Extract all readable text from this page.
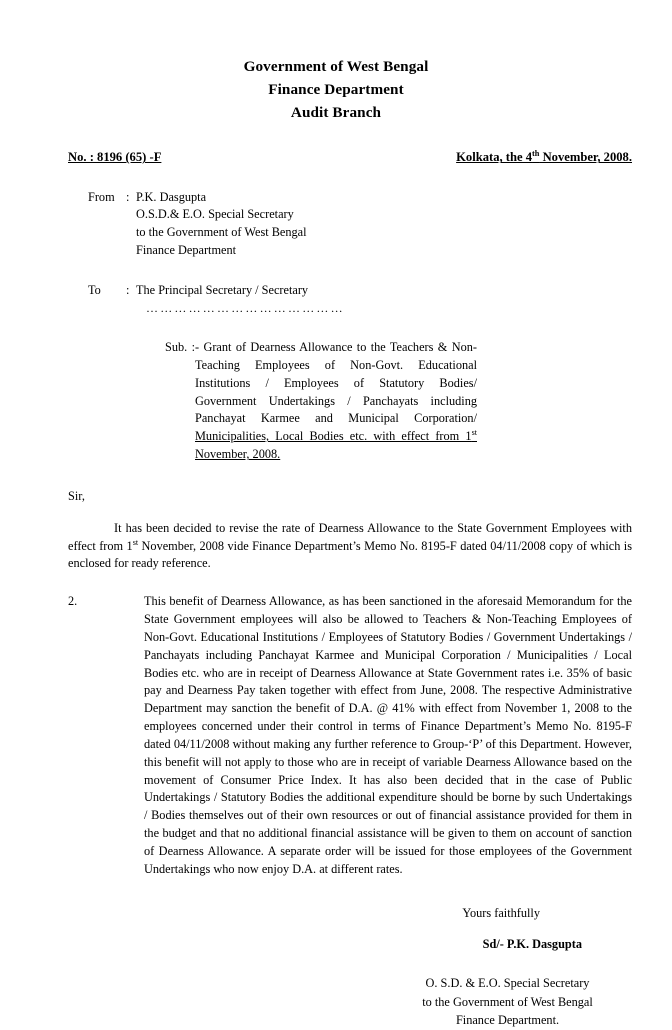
Government of West Bengal
Finance Department
Audit Branch
No. : 8196 (65) -F	Kolkata, the 4th November, 2008.
From : P.K. Dasgupta
O.S.D.& E.O. Special Secretary
to the Government of West Bengal
Finance Department
To	: The Principal Secretary / Secretary
……………………………………
Sub. :- Grant of Dearness Allowance to the Teachers & Non-Teaching Employees of Non-Govt. Educational Institutions / Employees of Statutory Bodies/ Government Undertakings / Panchayats including Panchayat Karmee and Municipal Corporation/ Municipalities, Local Bodies etc. with effect from 1st November, 2008.
Sir,
It has been decided to revise the rate of Dearness Allowance to the State Government Employees with effect from 1st November, 2008 vide Finance Department’s Memo No. 8195-F dated 04/11/2008 copy of which is enclosed for ready reference.
2.	This benefit of Dearness Allowance, as has been sanctioned in the aforesaid Memorandum for the State Government employees will also be allowed to Teachers & Non-Teaching Employees of Non-Govt. Educational Institutions / Employees of Statutory Bodies / Government Undertakings / Panchayats including Panchayat Karmee and Municipal Corporation / Municipalities / Local Bodies etc. who are in receipt of Dearness Allowance at State Government rates i.e. 35% of basic pay and Dearness Pay taken together with effect from June, 2008. The respective Administrative Department may sanction the benefit of D.A. @ 41% with effect from November 1, 2008 to the employees concerned under their control in terms of Finance Department’s Memo No. 8195-F dated 04/11/2008 without making any further reference to Group-‘P’ of this Department. However, this benefit will not apply to those who are in receipt of variable Dearness Allowance based on the movement of Consumer Price Index. It has also been decided that in the case of Public Undertakings / Statutory Bodies the additional expenditure should be borne by such Undertakings / Bodies themselves out of their own resources or out of financial assistance provided for them in the budget and that no additional financial assistance will be given to them on account of sanction of Dearness Allowance. A separate order will be issued for those employees of the Government Undertakings who now enjoy D.A. at different rates.
Yours faithfully
Sd/- P.K. Dasgupta
O. S.D. & E.O. Special Secretary
to the Government of West Bengal
Finance Department.
